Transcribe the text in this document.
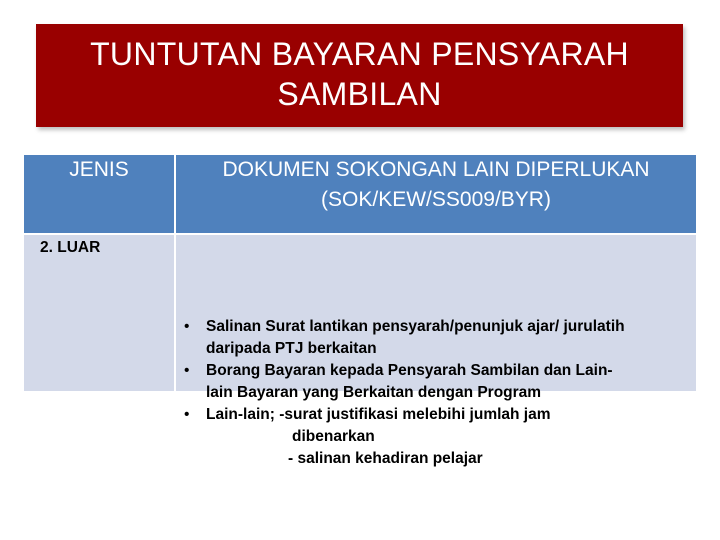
TUNTUTAN BAYARAN PENSYARAH
SAMBILAN
JENIS	DOKUMEN SOKONGAN LAIN DIPERLUKAN
(SOK/KEW/SS009/BYR)
2. LUAR
•	Salinan Surat lantikan pensyarah/penunjuk ajar/ jurulatih
daripada PTJ berkaitan
•	Borang Bayaran kepada Pensyarah Sambilan dan Lain-
lain Bayaran yang Berkaitan dengan Program
•	Lain-lain; -surat justifikasi melebihi jumlah jam
dibenarkan
- salinan kehadiran pelajar
